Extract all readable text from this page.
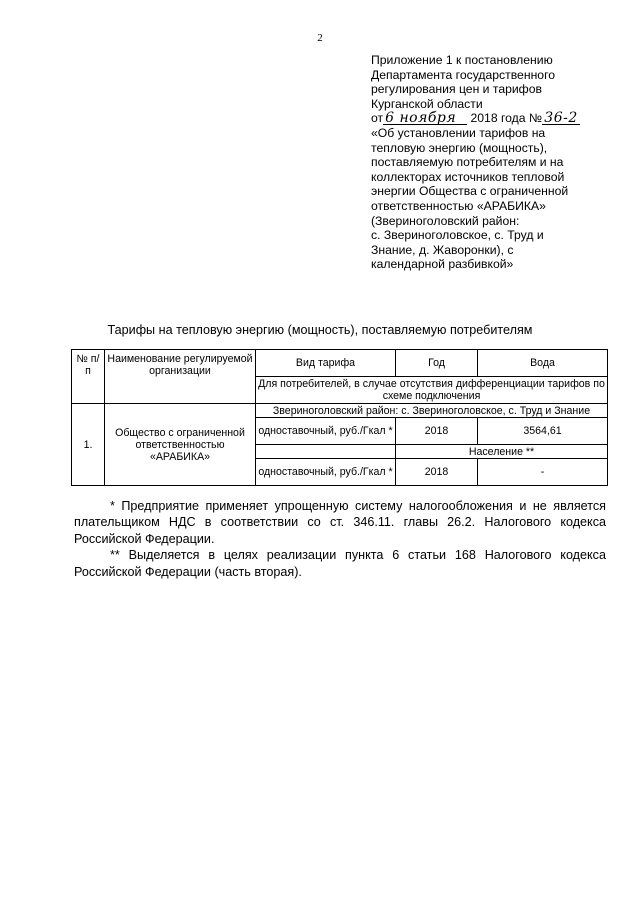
2
Приложение 1 к постановлению
Департамента государственного
регулирования цен и тарифов
Курганской области
от 6 ноября 2018 года № 36-2
«Об установлении тарифов на
тепловую энергию (мощность),
поставляемую потребителям и на
коллекторах источников тепловой
энергии Общества с ограниченной
ответственностью «АРАБИКА»
(Звериноголовский район:
с. Звериноголовское, с. Труд и
Знание, д. Жаворонки), с
календарной разбивкой»
Тарифы на тепловую энергию (мощность), поставляемую потребителям
№ п/п	Наименование регулируемой организации	Вид тарифа	Год	Вода
		Для потребителей, в случае отсутствия дифференциации тарифов по схеме подключения		
1.	Общество с ограниченной ответственностью «АРАБИКА»	Звериноголовский район: с. Звериноголовское, с. Труд и Знание		
		одноставочный, руб./Гкал *	2018	3564,61
			Население **	
		одноставочный, руб./Гкал *	2018	-

* Предприятие применяет упрощенную систему налогообложения и не является плательщиком НДС в соответствии со ст. 346.11. главы 26.2. Налогового кодекса Российской Федерации.

** Выделяется в целях реализации пункта 6 статьи 168 Налогового кодекса Российской Федерации (часть вторая).
